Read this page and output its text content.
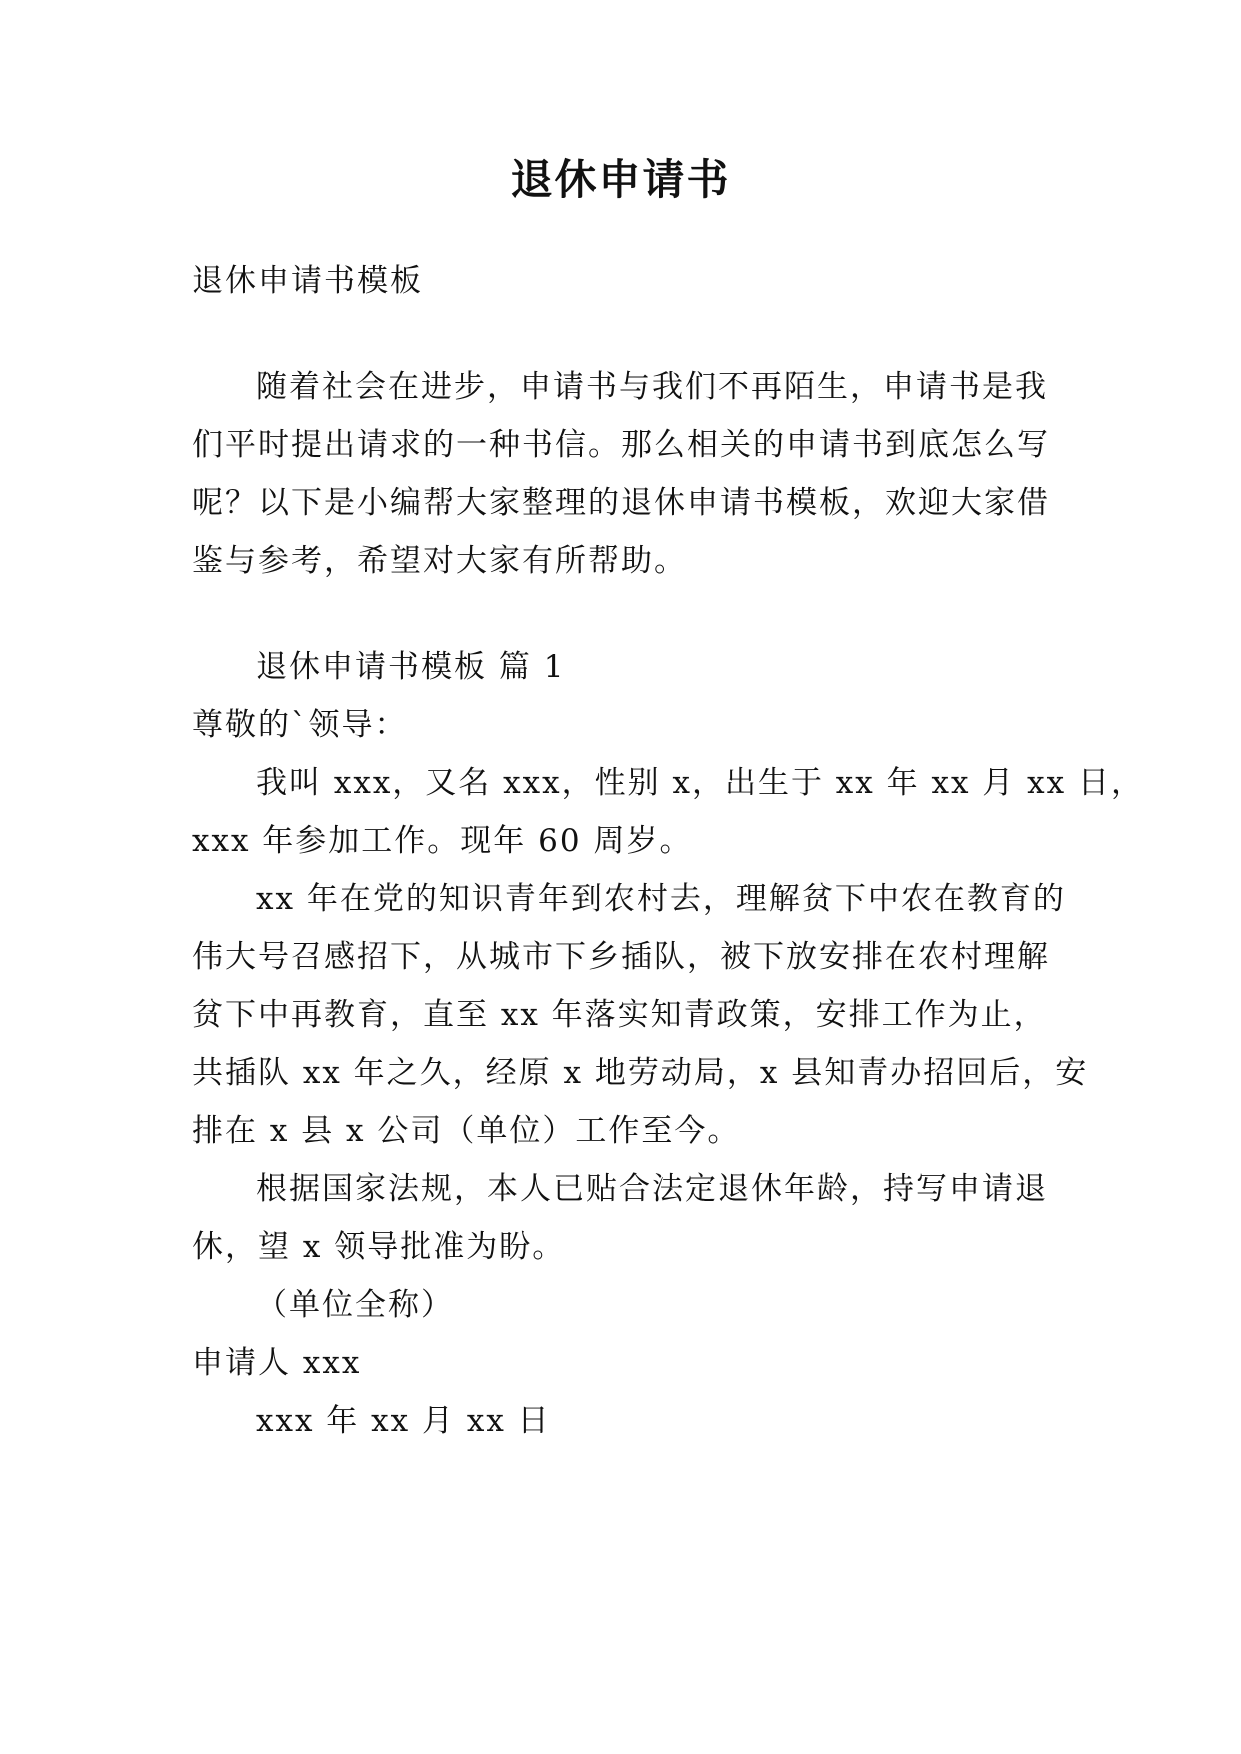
退休申请书
退休申请书模板
随着社会在进步，申请书与我们不再陌生，申请书是我
们平时提出请求的一种书信。那么相关的申请书到底怎么写
呢？以下是小编帮大家整理的退休申请书模板，欢迎大家借
鉴与参考，希望对大家有所帮助。
退休申请书模板 篇 1
尊敬的`领导：
我叫 xxx，又名 xxx，性别 x，出生于 xx 年 xx 月 xx 日，
xxx 年参加工作。现年 60 周岁。
xx 年在党的知识青年到农村去，理解贫下中农在教育的
伟大号召感招下，从城市下乡插队，被下放安排在农村理解
贫下中再教育，直至 xx 年落实知青政策，安排工作为止，
共插队 xx 年之久，经原 x 地劳动局，x 县知青办招回后，安
排在 x 县 x 公司（单位）工作至今。
根据国家法规，本人已贴合法定退休年龄，持写申请退
休，望 x 领导批准为盼。
（单位全称）
申请人 xxx
xxx 年 xx 月 xx 日
